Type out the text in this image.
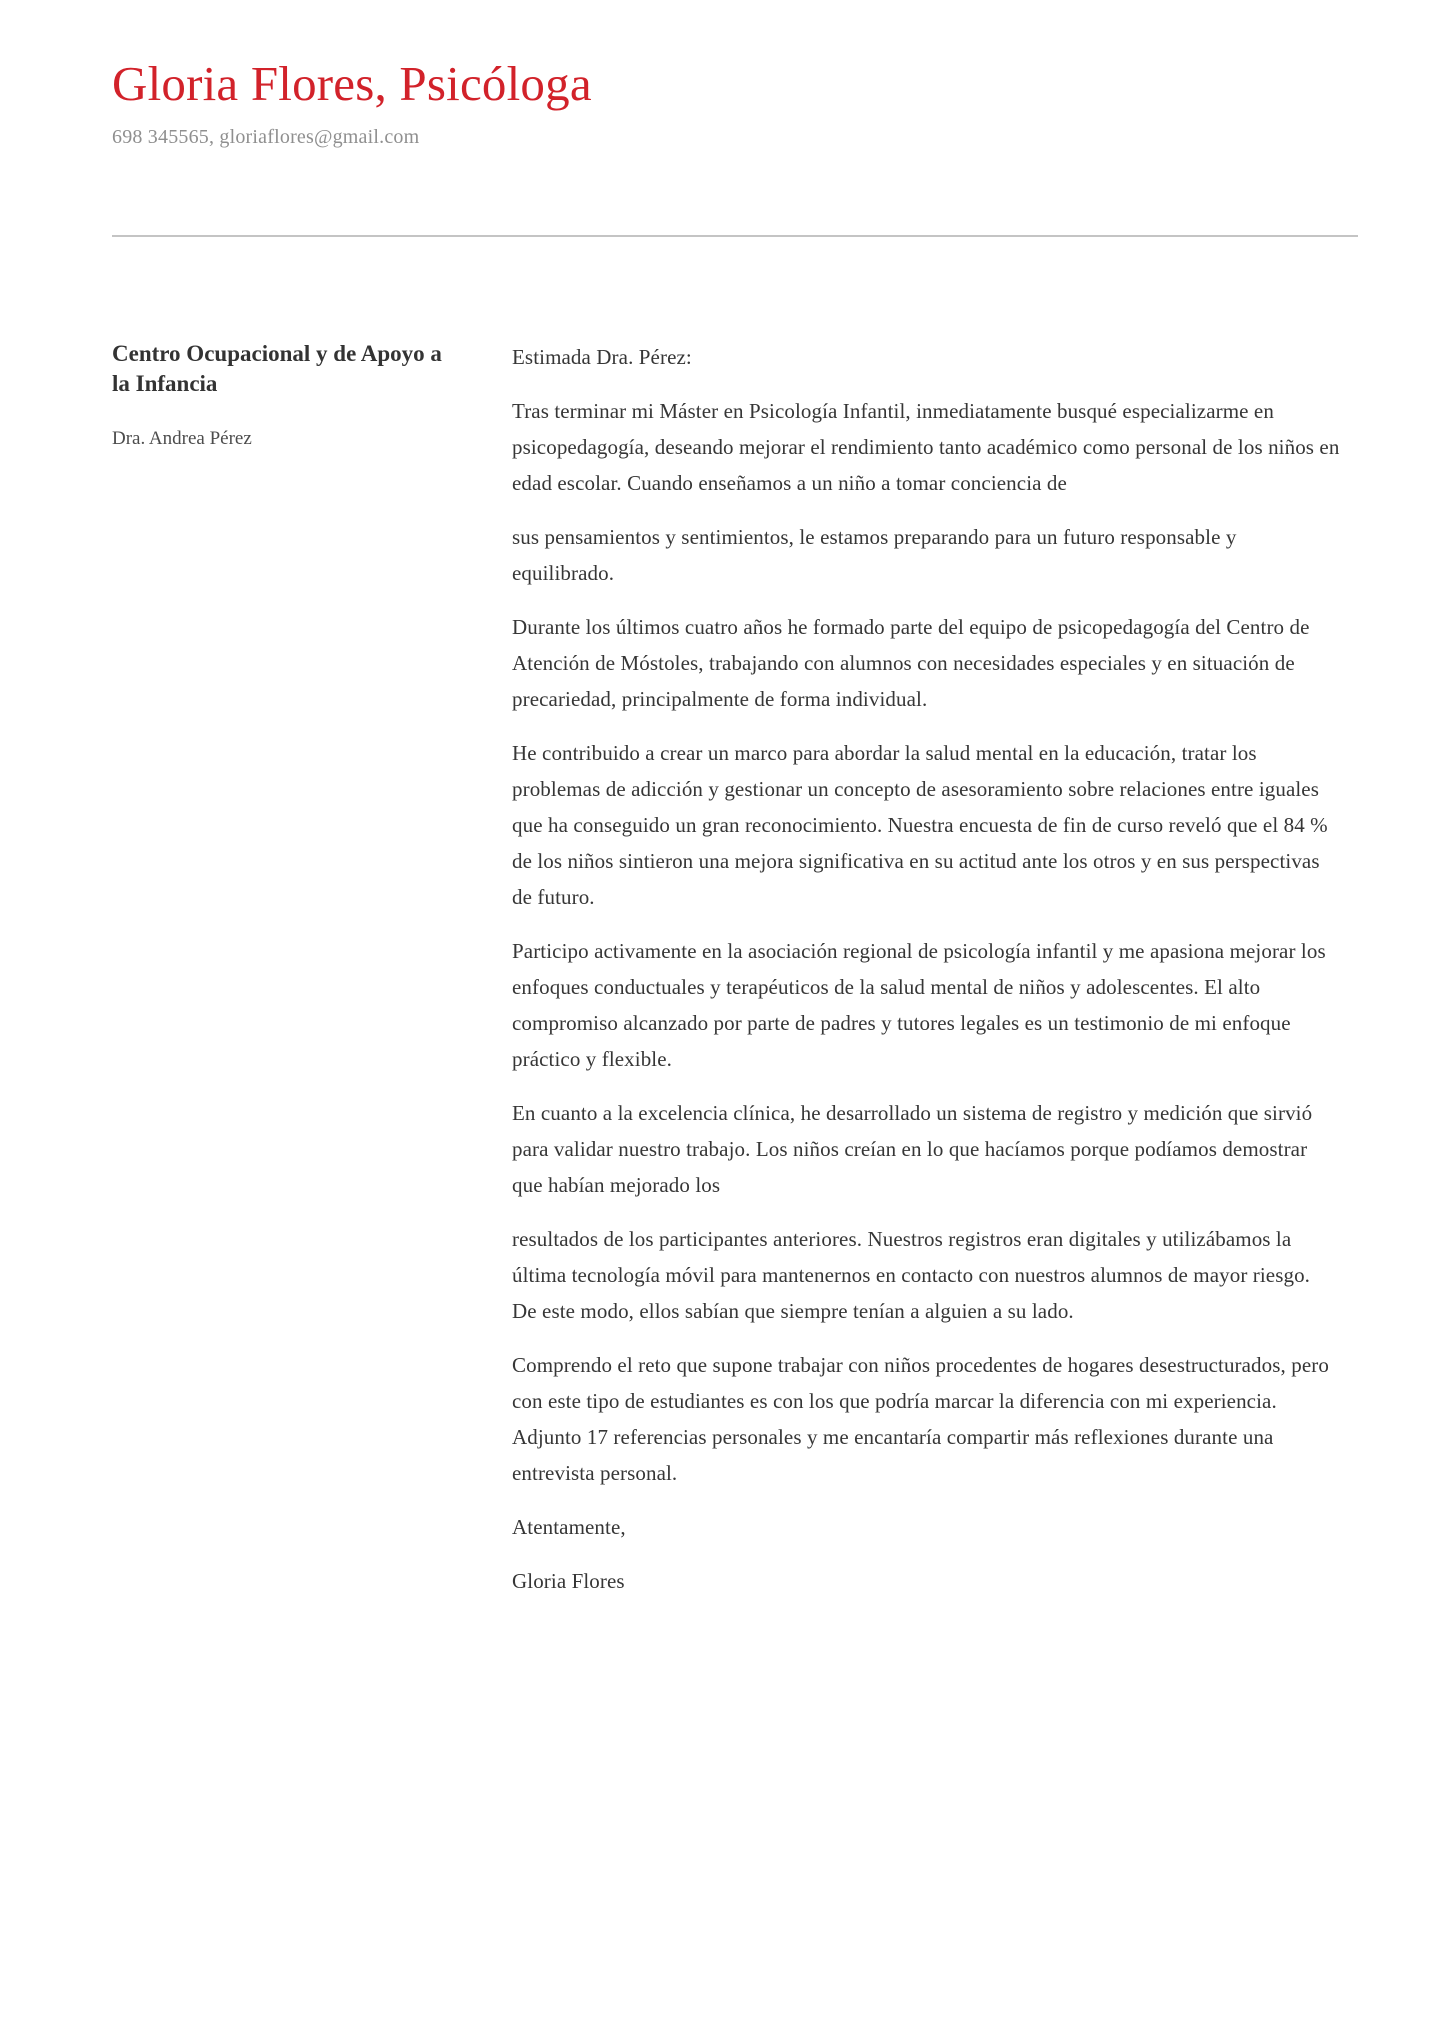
Gloria Flores, Psicóloga
698 345565, gloriaflores@gmail.com
Centro Ocupacional y de Apoyo a la Infancia
Dra. Andrea Pérez

Estimada Dra. Pérez:

Tras terminar mi Máster en Psicología Infantil, inmediatamente busqué especializarme en psicopedagogía, deseando mejorar el rendimiento tanto académico como personal de los niños en edad escolar. Cuando enseñamos a un niño a tomar conciencia de

sus pensamientos y sentimientos, le estamos preparando para un futuro responsable y equilibrado.

Durante los últimos cuatro años he formado parte del equipo de psicopedagogía del Centro de Atención de Móstoles, trabajando con alumnos con necesidades especiales y en situación de precariedad, principalmente de forma individual.

He contribuido a crear un marco para abordar la salud mental en la educación, tratar los problemas de adicción y gestionar un concepto de asesoramiento sobre relaciones entre iguales que ha conseguido un gran reconocimiento. Nuestra encuesta de fin de curso reveló que el 84 % de los niños sintieron una mejora significativa en su actitud ante los otros y en sus perspectivas de futuro.

Participo activamente en la asociación regional de psicología infantil y me apasiona mejorar los enfoques conductuales y terapéuticos de la salud mental de niños y adolescentes. El alto compromiso alcanzado por parte de padres y tutores legales es un testimonio de mi enfoque práctico y flexible.

En cuanto a la excelencia clínica, he desarrollado un sistema de registro y medición que sirvió para validar nuestro trabajo. Los niños creían en lo que hacíamos porque podíamos demostrar que habían mejorado los

resultados de los participantes anteriores. Nuestros registros eran digitales y utilizábamos la última tecnología móvil para mantenernos en contacto con nuestros alumnos de mayor riesgo. De este modo, ellos sabían que siempre tenían a alguien a su lado.

Comprendo el reto que supone trabajar con niños procedentes de hogares desestructurados, pero con este tipo de estudiantes es con los que podría marcar la diferencia con mi experiencia. Adjunto 17 referencias personales y me encantaría compartir más reflexiones durante una entrevista personal.

Atentamente,

Gloria Flores
